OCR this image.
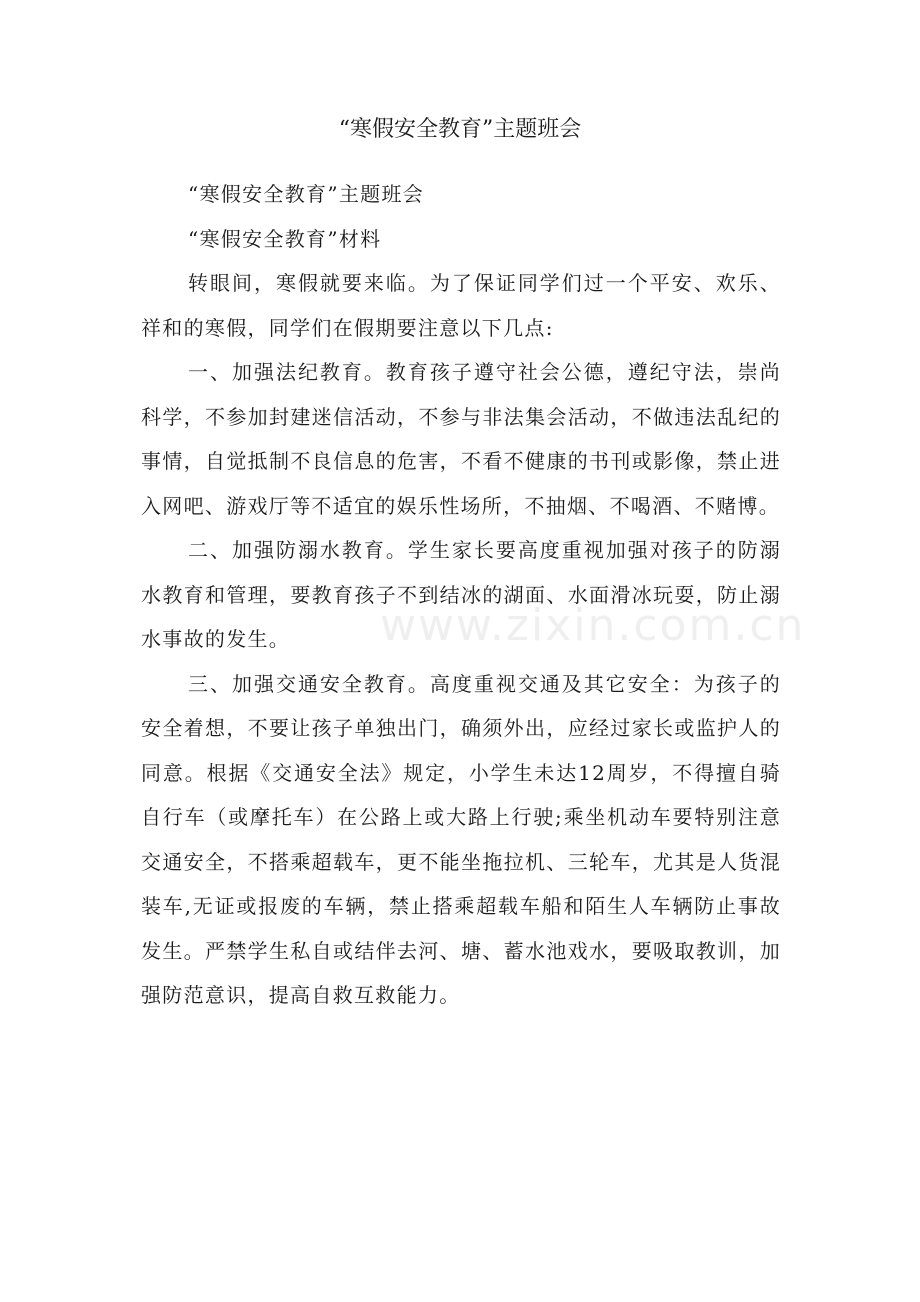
“寒假安全教育”主题班会

“寒假安全教育”主题班会

“寒假安全教育”材料

转眼间，寒假就要来临。为了保证同学们过一个平安、欢乐、祥和的寒假，同学们在假期要注意以下几点:

一、加强法纪教育。教育孩子遵守社会公德，遵纪守法，崇尚科学，不参加封建迷信活动，不参与非法集会活动，不做违法乱纪的事情，自觉抵制不良信息的危害，不看不健康的书刊或影像，禁止进入网吧、游戏厅等不适宜的娱乐性场所，不抽烟、不喝酒、不赌博。

二、加强防溺水教育。学生家长要高度重视加强对孩子的防溺水教育和管理，要教育孩子不到结冰的湖面、水面滑冰玩耍，防止溺水事故的发生。

三、加强交通安全教育。高度重视交通及其它安全：为孩子的安全着想，不要让孩子单独出门，确须外出，应经过家长或监护人的同意。根据《交通安全法》规定，小学生未达12周岁，不得擅自骑自行车（或摩托车）在公路上或大路上行驶;乘坐机动车要特别注意交通安全，不搭乘超载车，更不能坐拖拉机、三轮车，尤其是人货混装车,无证或报废的车辆，禁止搭乘超载车船和陌生人车辆防止事故发生。严禁学生私自或结伴去河、塘、蓄水池戏水，要吸取教训，加强防范意识，提高自救互救能力。

www.zixin.com.cn
